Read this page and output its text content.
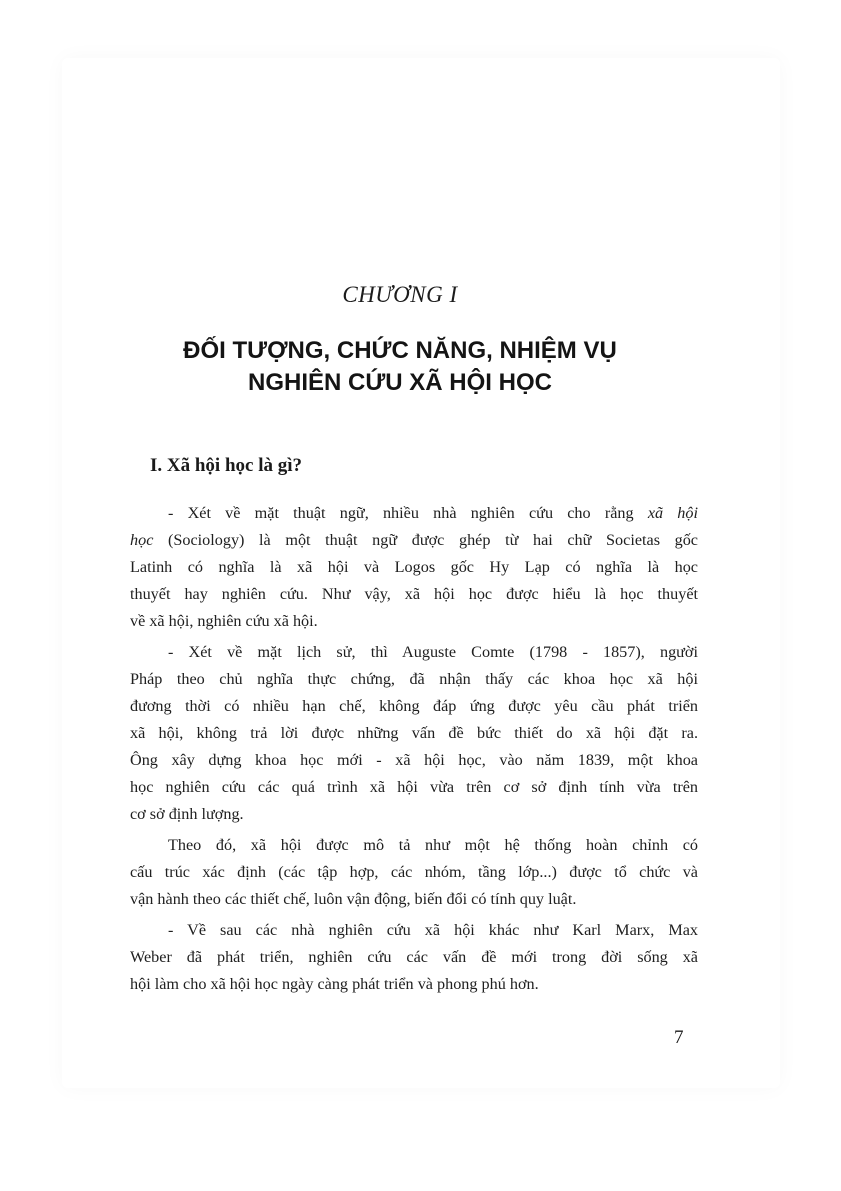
CHƯƠNG I
ĐỐI TƯỢNG, CHỨC NĂNG, NHIỆM VỤ
NGHIÊN CỨU XÃ HỘI HỌC
I. Xã hội học là gì?

- Xét về mặt thuật ngữ, nhiều nhà nghiên cứu cho rằng xã hội
học (Sociology) là một thuật ngữ được ghép từ hai chữ Societas gốc
Latinh có nghĩa là xã hội và Logos gốc Hy Lạp có nghĩa là học
thuyết hay nghiên cứu. Như vậy, xã hội học được hiểu là học thuyết
về xã hội, nghiên cứu xã hội.

- Xét về mặt lịch sử, thì Auguste Comte (1798 - 1857), người
Pháp theo chủ nghĩa thực chứng, đã nhận thấy các khoa học xã hội
đương thời có nhiều hạn chế, không đáp ứng được yêu cầu phát triển
xã hội, không trả lời được những vấn đề bức thiết do xã hội đặt ra.
Ông xây dựng khoa học mới - xã hội học, vào năm 1839, một khoa
học nghiên cứu các quá trình xã hội vừa trên cơ sở định tính vừa trên
cơ sở định lượng.

Theo đó, xã hội được mô tả như một hệ thống hoàn chỉnh có
cấu trúc xác định (các tập hợp, các nhóm, tầng lớp...) được tổ chức và
vận hành theo các thiết chế, luôn vận động, biến đổi có tính quy luật.

- Về sau các nhà nghiên cứu xã hội khác như Karl Marx, Max
Weber đã phát triển, nghiên cứu các vấn đề mới trong đời sống xã
hội làm cho xã hội học ngày càng phát triển và phong phú hơn.

7
